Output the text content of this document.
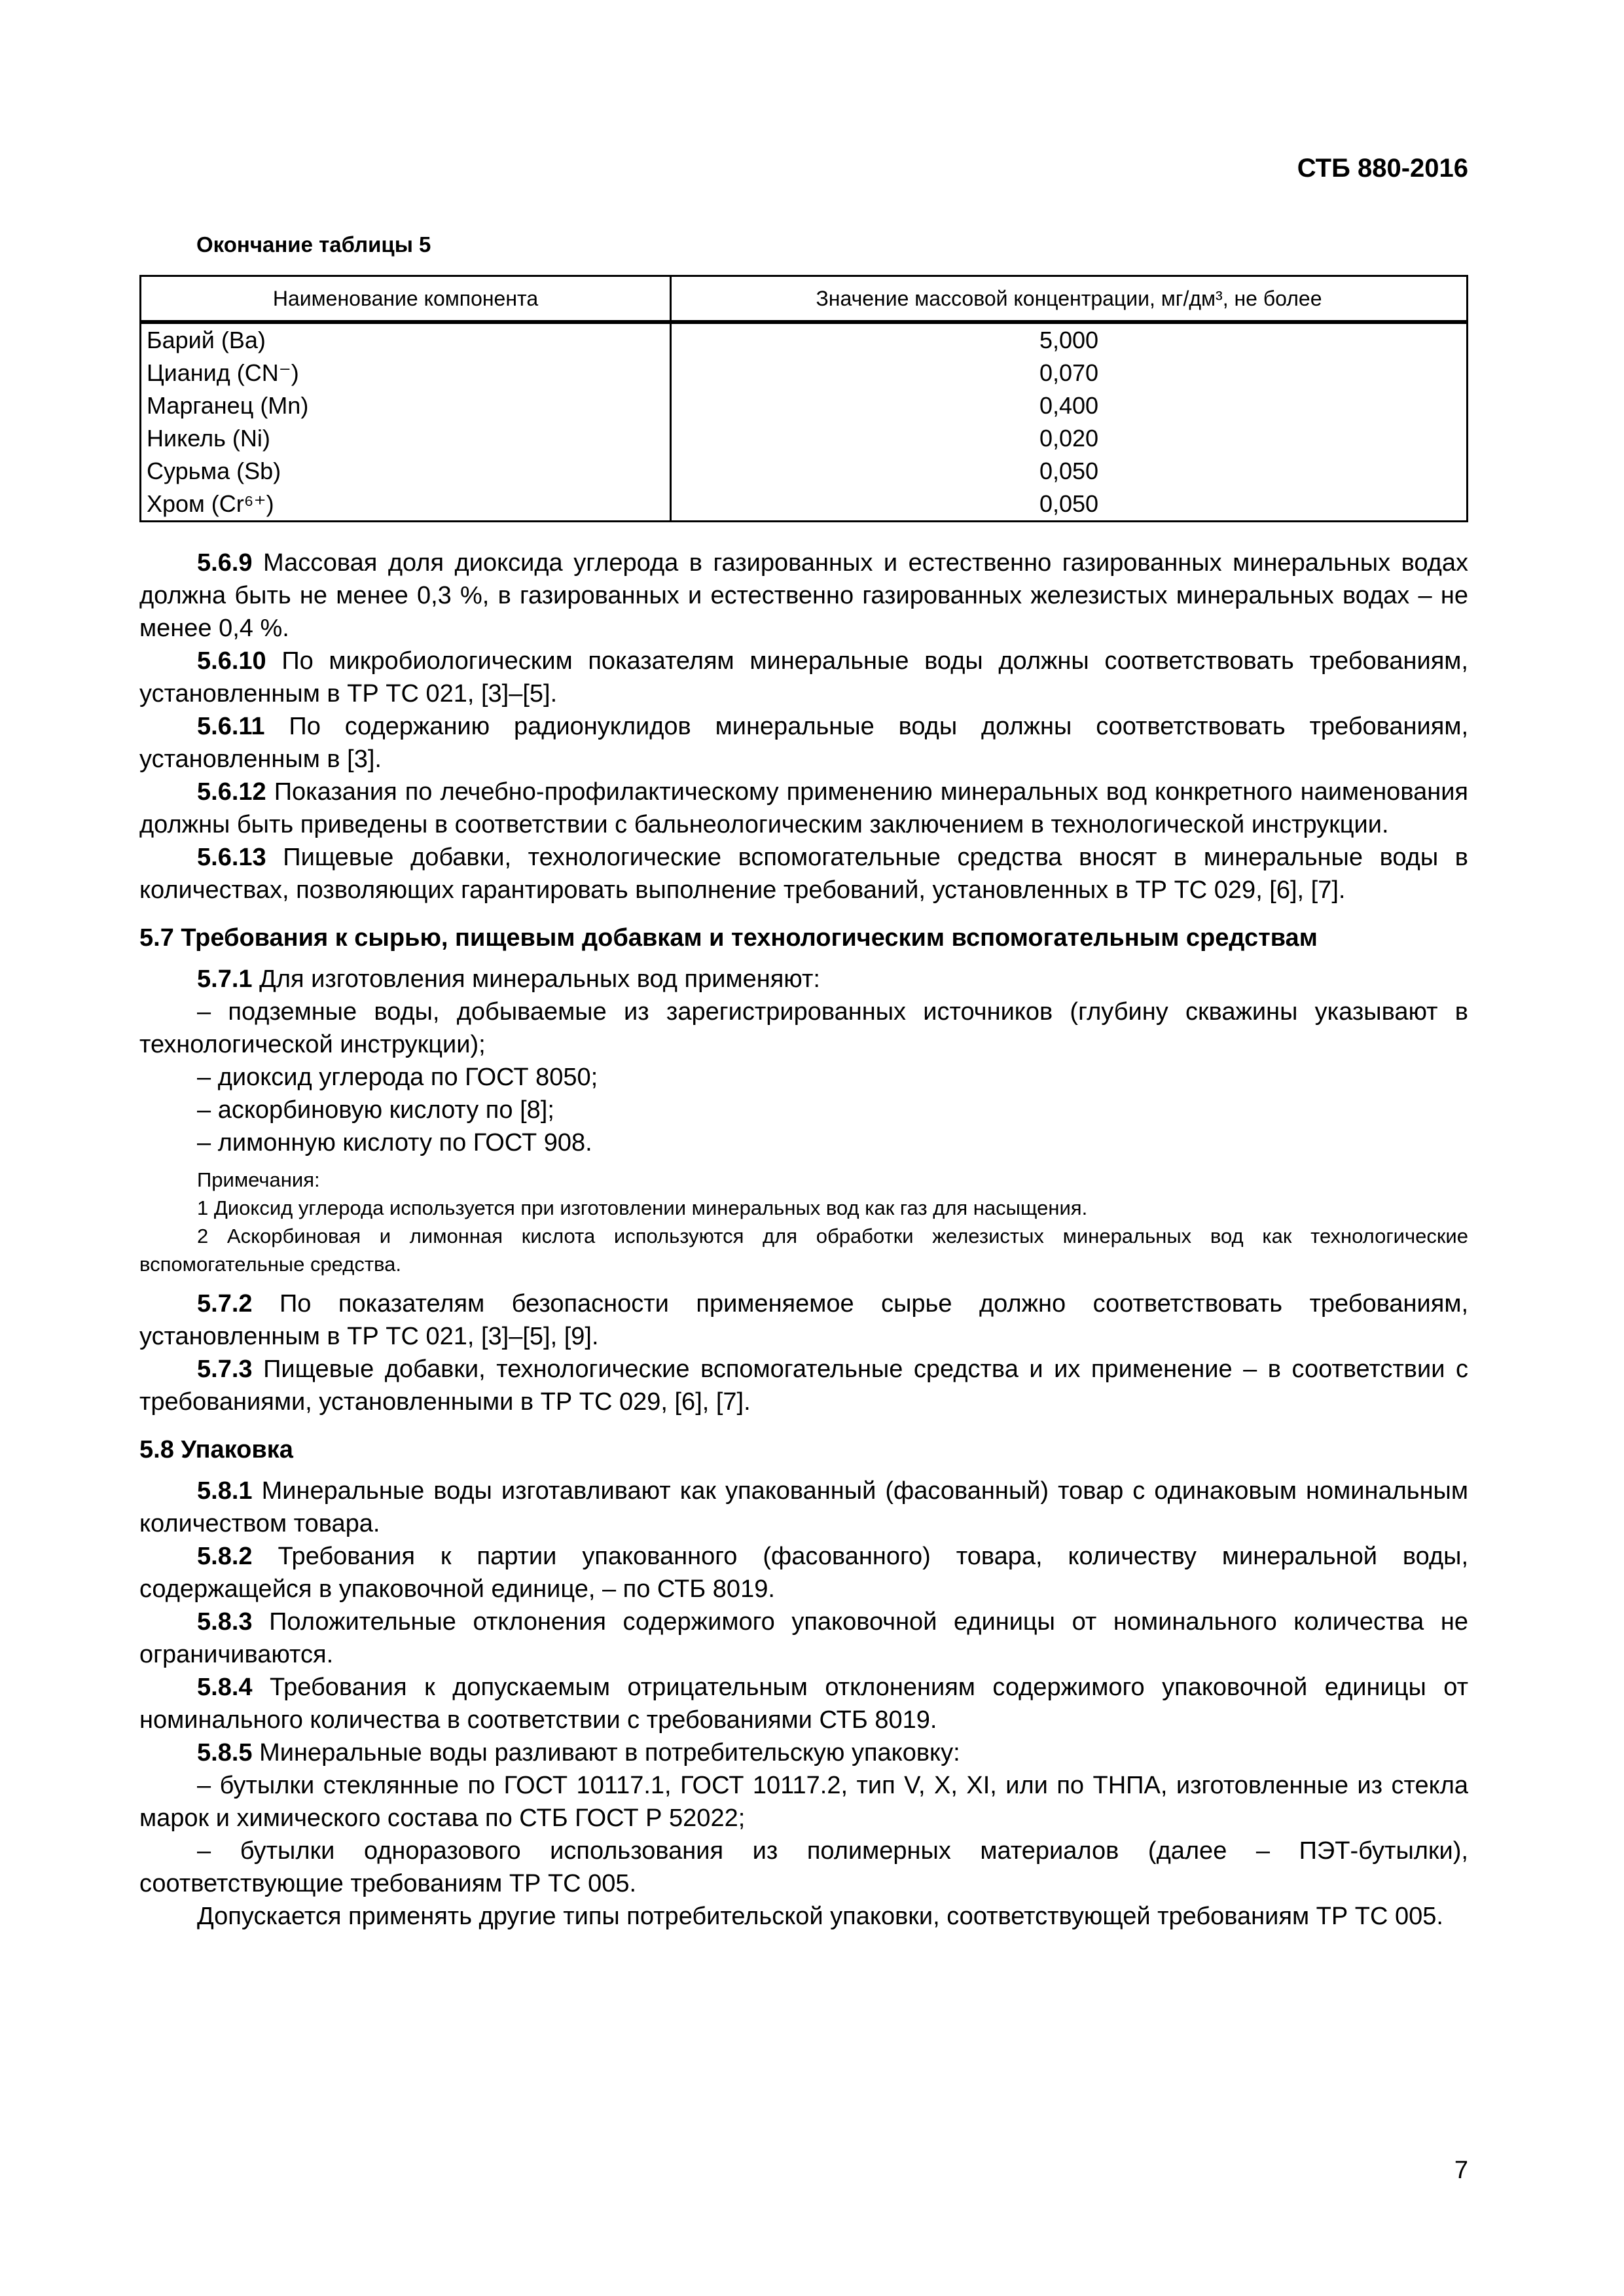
СТБ 880-2016
Окончание таблицы 5
Наименование компонента	Значение массовой концентрации, мг/дм³, не более
Барий (Ba)	5,000
Цианид (CN⁻)	0,070
Марганец (Mn)	0,400
Никель (Ni)	0,020
Сурьма (Sb)	0,050
Хром (Cr⁶⁺)	0,050

5.6.9 Массовая доля диоксида углерода в газированных и естественно газированных минеральных водах должна быть не менее 0,3 %, в газированных и естественно газированных железистых минеральных водах – не менее 0,4 %.

5.6.10 По микробиологическим показателям минеральные воды должны соответствовать требованиям, установленным в ТР ТС 021, [3]–[5].

5.6.11 По содержанию радионуклидов минеральные воды должны соответствовать требованиям, установленным в [3].

5.6.12 Показания по лечебно-профилактическому применению минеральных вод конкретного наименования должны быть приведены в соответствии с бальнеологическим заключением в технологической инструкции.

5.6.13 Пищевые добавки, технологические вспомогательные средства вносят в минеральные воды в количествах, позволяющих гарантировать выполнение требований, установленных в ТР ТС 029, [6], [7].

5.7 Требования к сырью, пищевым добавкам и технологическим вспомогательным средствам

5.7.1 Для изготовления минеральных вод применяют:

– подземные воды, добываемые из зарегистрированных источников (глубину скважины указывают в технологической инструкции);

– диоксид углерода по ГОСТ 8050;

– аскорбиновую кислоту по [8];

– лимонную кислоту по ГОСТ 908.

Примечания:

1 Диоксид углерода используется при изготовлении минеральных вод как газ для насыщения.

2 Аскорбиновая и лимонная кислота используются для обработки железистых минеральных вод как технологические вспомогательные средства.

5.7.2 По показателям безопасности применяемое сырье должно соответствовать требованиям, установленным в ТР ТС 021, [3]–[5], [9].

5.7.3 Пищевые добавки, технологические вспомогательные средства и их применение – в соответствии с требованиями, установленными в ТР ТС 029, [6], [7].

5.8 Упаковка

5.8.1 Минеральные воды изготавливают как упакованный (фасованный) товар с одинаковым номинальным количеством товара.

5.8.2 Требования к партии упакованного (фасованного) товара, количеству минеральной воды, содержащейся в упаковочной единице, – по СТБ 8019.

5.8.3 Положительные отклонения содержимого упаковочной единицы от номинального количества не ограничиваются.

5.8.4 Требования к допускаемым отрицательным отклонениям содержимого упаковочной единицы от номинального количества в соответствии с требованиями СТБ 8019.

5.8.5 Минеральные воды разливают в потребительскую упаковку:

– бутылки стеклянные по ГОСТ 10117.1, ГОСТ 10117.2, тип V, X, XI, или по ТНПА, изготовленные из стекла марок и химического состава по СТБ ГОСТ Р 52022;

– бутылки одноразового использования из полимерных материалов (далее – ПЭТ-бутылки), соответствующие требованиям ТР ТС 005.

Допускается применять другие типы потребительской упаковки, соответствующей требованиям ТР ТС 005.

7
